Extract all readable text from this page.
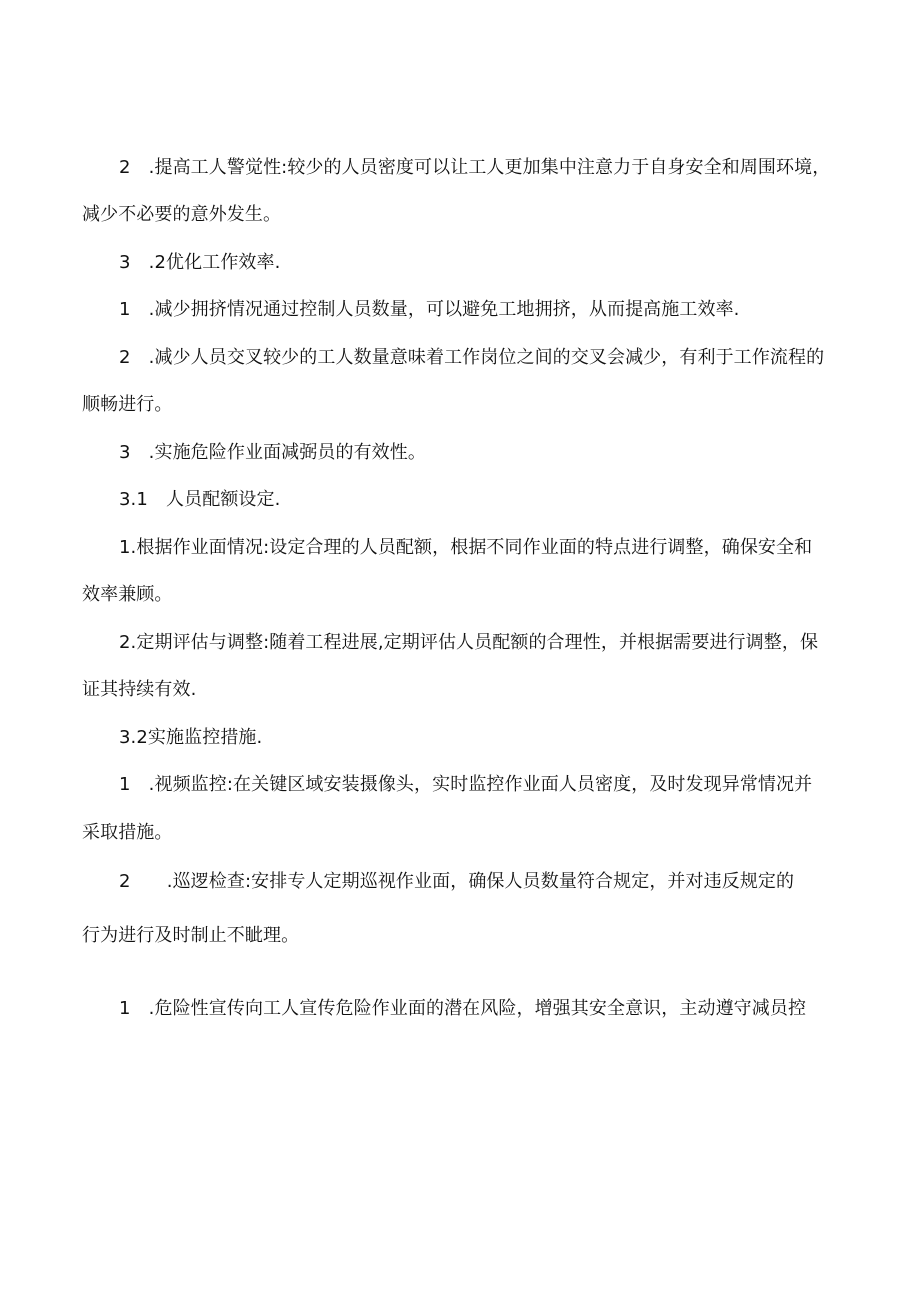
2　.提高工人警觉性:较少的人员密度可以让工人更加集中注意力于自身安全和周围环境，
减少不必要的意外发生。
3　.2优化工作效率.
1　.减少拥挤情况通过控制人员数量，可以避免工地拥挤，从而提高施工效率.
2　.减少人员交叉较少的工人数量意味着工作岗位之间的交叉会减少，有利于工作流程的
顺畅进行。
3　.实施危险作业面减弼员的有效性。
3.1　人员配额设定.
1.根据作业面情况:设定合理的人员配额，根据不同作业面的特点进行调整，确保安全和
效率兼顾。
2.定期评估与调整:随着工程进展,定期评估人员配额的合理性，并根据需要进行调整，保
证其持续有效.
3.2实施监控措施.
1　.视频监控:在关键区域安装摄像头，实时监控作业面人员密度，及时发现异常情况并
采取措施。
2　　.巡逻检查:安排专人定期巡视作业面，确保人员数量符合规定，并对违反规定的
行为进行及时制止不眦理。
1　.危险性宣传向工人宣传危险作业面的潜在风险，增强其安全意识，主动遵守减员控
